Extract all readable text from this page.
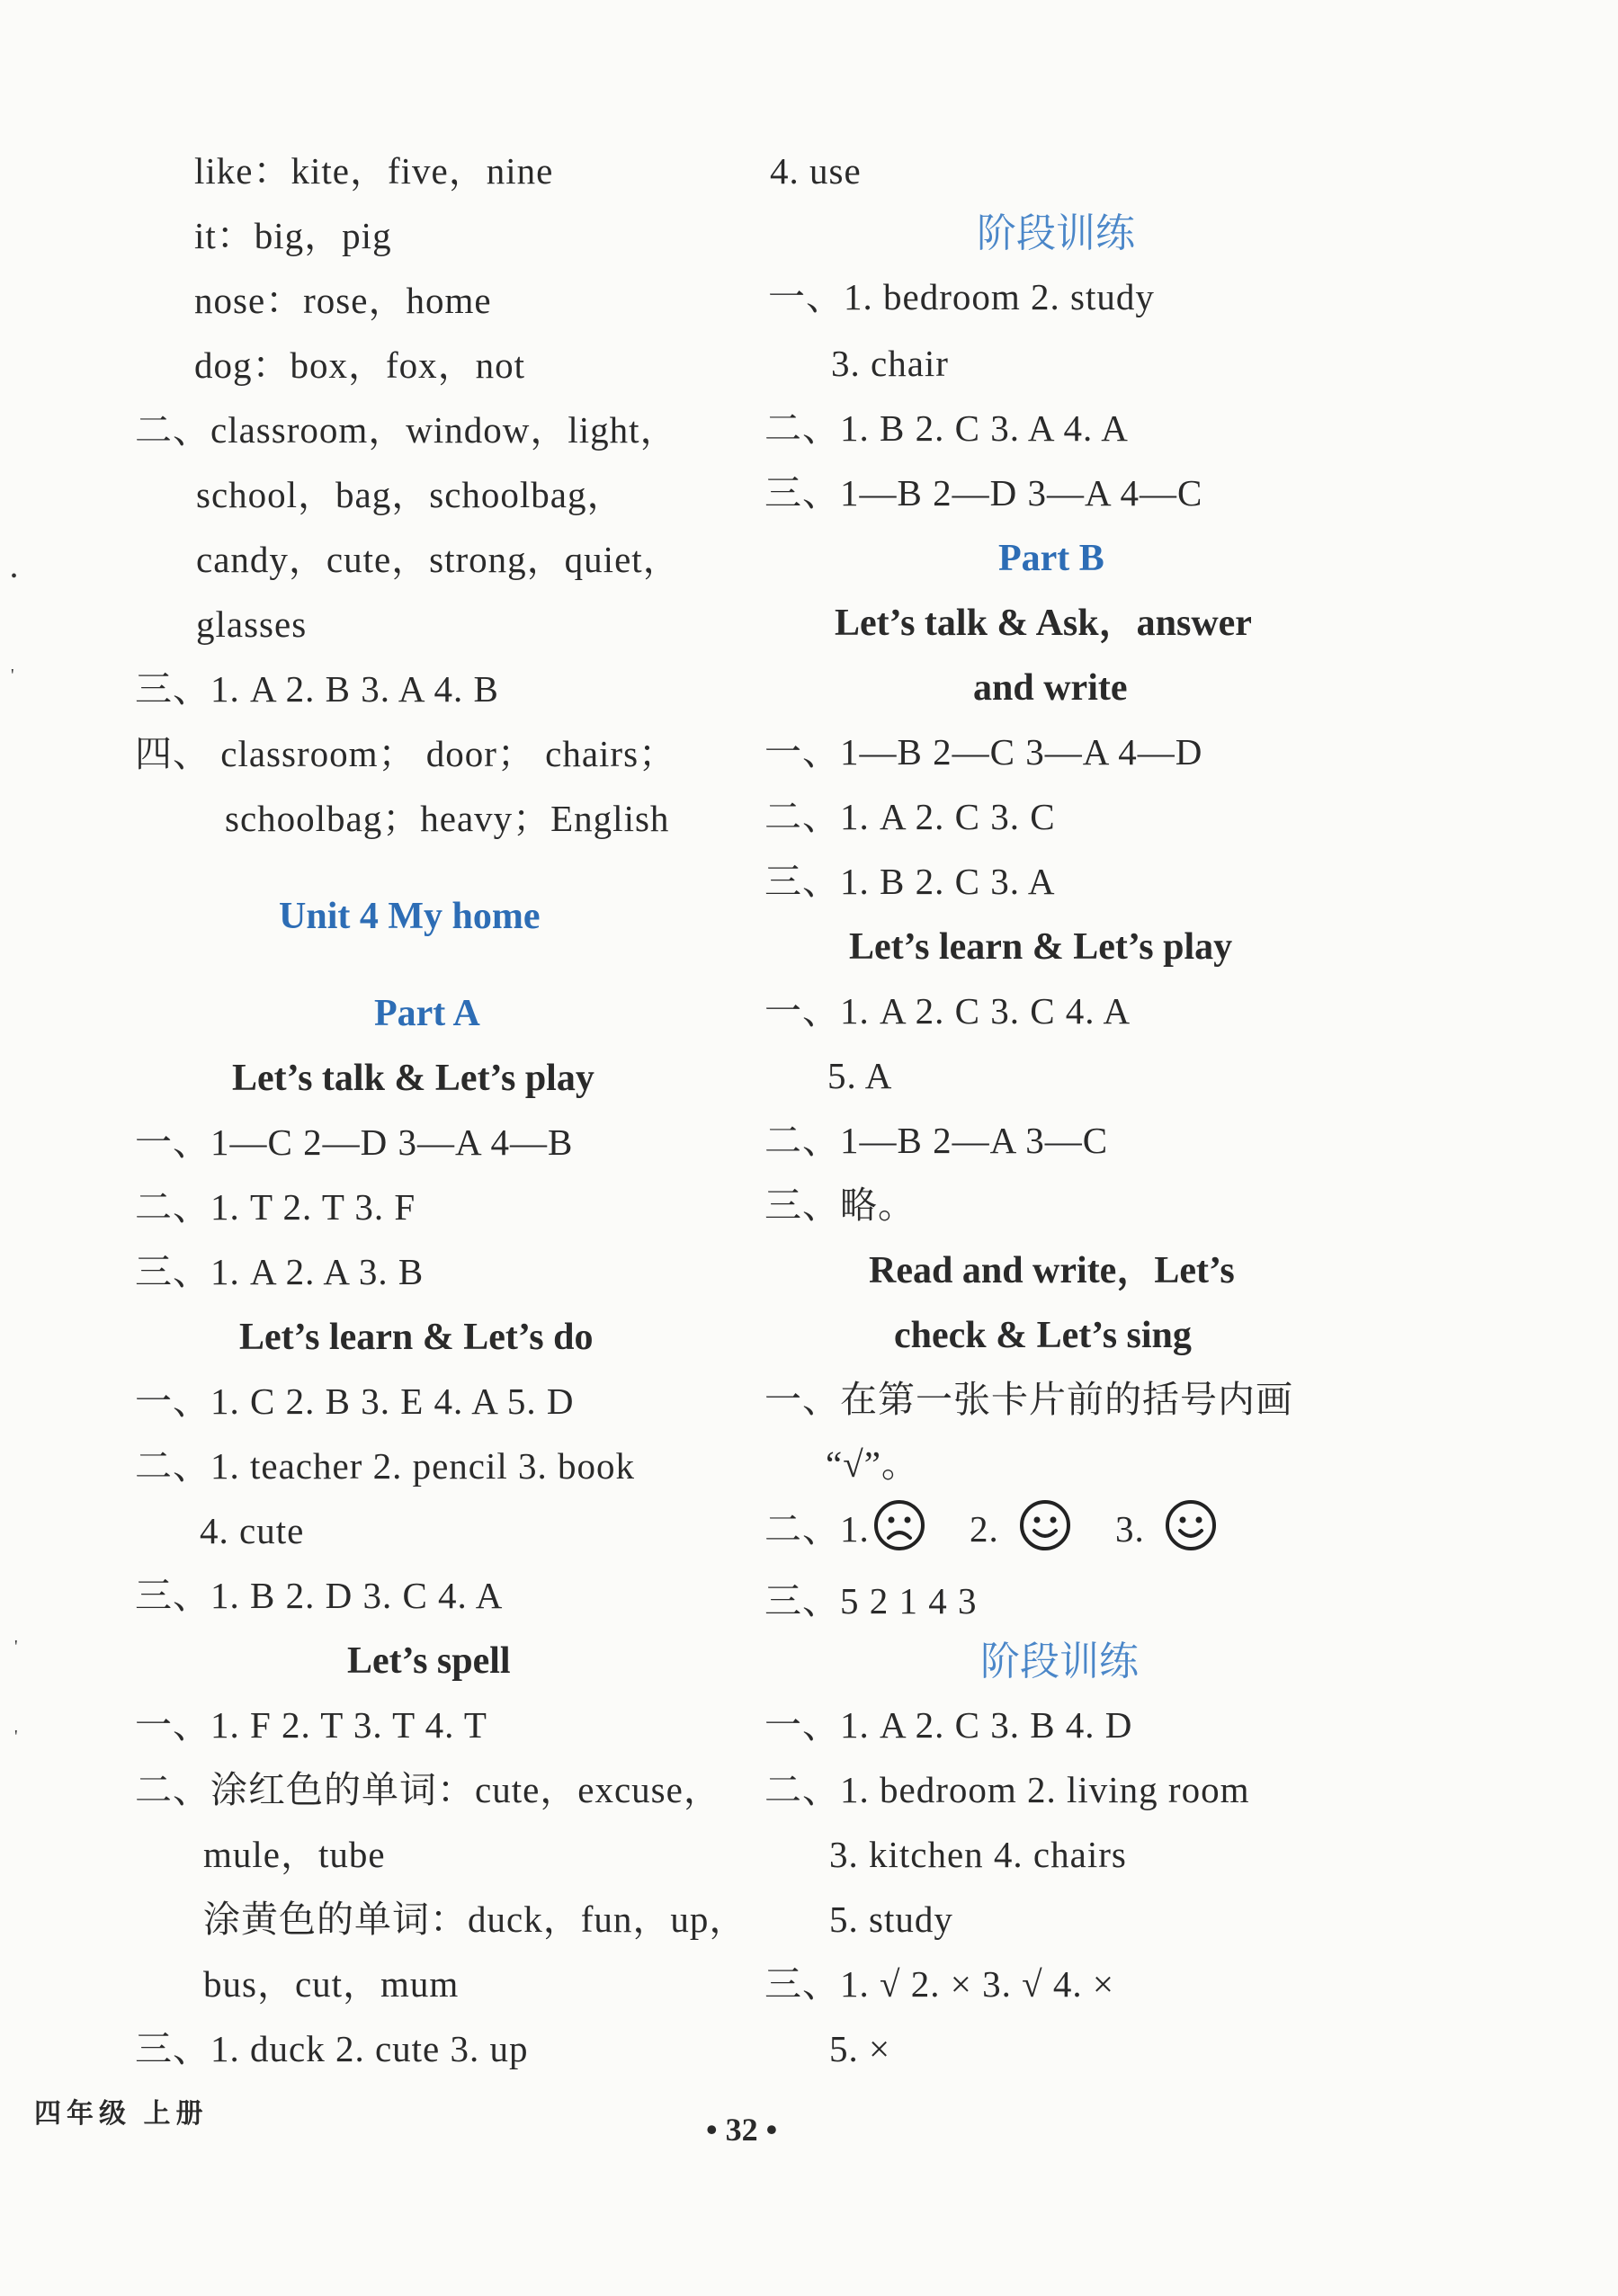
like：kite，five，nine
it：big，pig
nose：rose，home
dog：box，fox，not
二、classroom，window，light，
school，bag，schoolbag，
candy，cute，strong，quiet，
glasses
三、1. A 2. B 3. A 4. B
四、 classroom； door； chairs；
schoolbag；heavy；English
Unit 4 My home
Part A
Let’s talk & Let’s play
一、1—C 2—D 3—A 4—B
二、1. T 2. T 3. F
三、1. A 2. A 3. B
Let’s learn & Let’s do
一、1. C 2. B 3. E 4. A 5. D
二、1. teacher 2. pencil 3. book
4. cute
三、1. B 2. D 3. C 4. A
Let’s spell
一、1. F 2. T 3. T 4. T
二、涂红色的单词：cute，excuse，
mule，tube
涂黄色的单词：duck，fun，up，
bus，cut，mum
三、1. duck 2. cute 3. up
4. use
阶段训练
一、1. bedroom 2. study
3. chair
二、1. B 2. C 3. A 4. A
三、1—B 2—D 3—A 4—C
Part B
Let’s talk & Ask，answer
and write
一、1—B 2—C 3—A 4—D
二、1. A 2. C 3. C
三、1. B 2. C 3. A
Let’s learn & Let’s play
一、1. A 2. C 3. C 4. A
5. A
二、1—B 2—A 3—C
三、略。
Read and write，Let’s
check & Let’s sing
一、在第一张卡片前的括号内画
“√”。
二、1.	2.	3.
三、5 2 1 4 3
阶段训练
一、1. A 2. C 3. B 4. D
二、1. bedroom 2. living room
3. kitchen 4. chairs
5. study
三、1. √ 2. × 3. √ 4. ×
5. ×
•
'
'
'
四年级 上册	• 32 •
